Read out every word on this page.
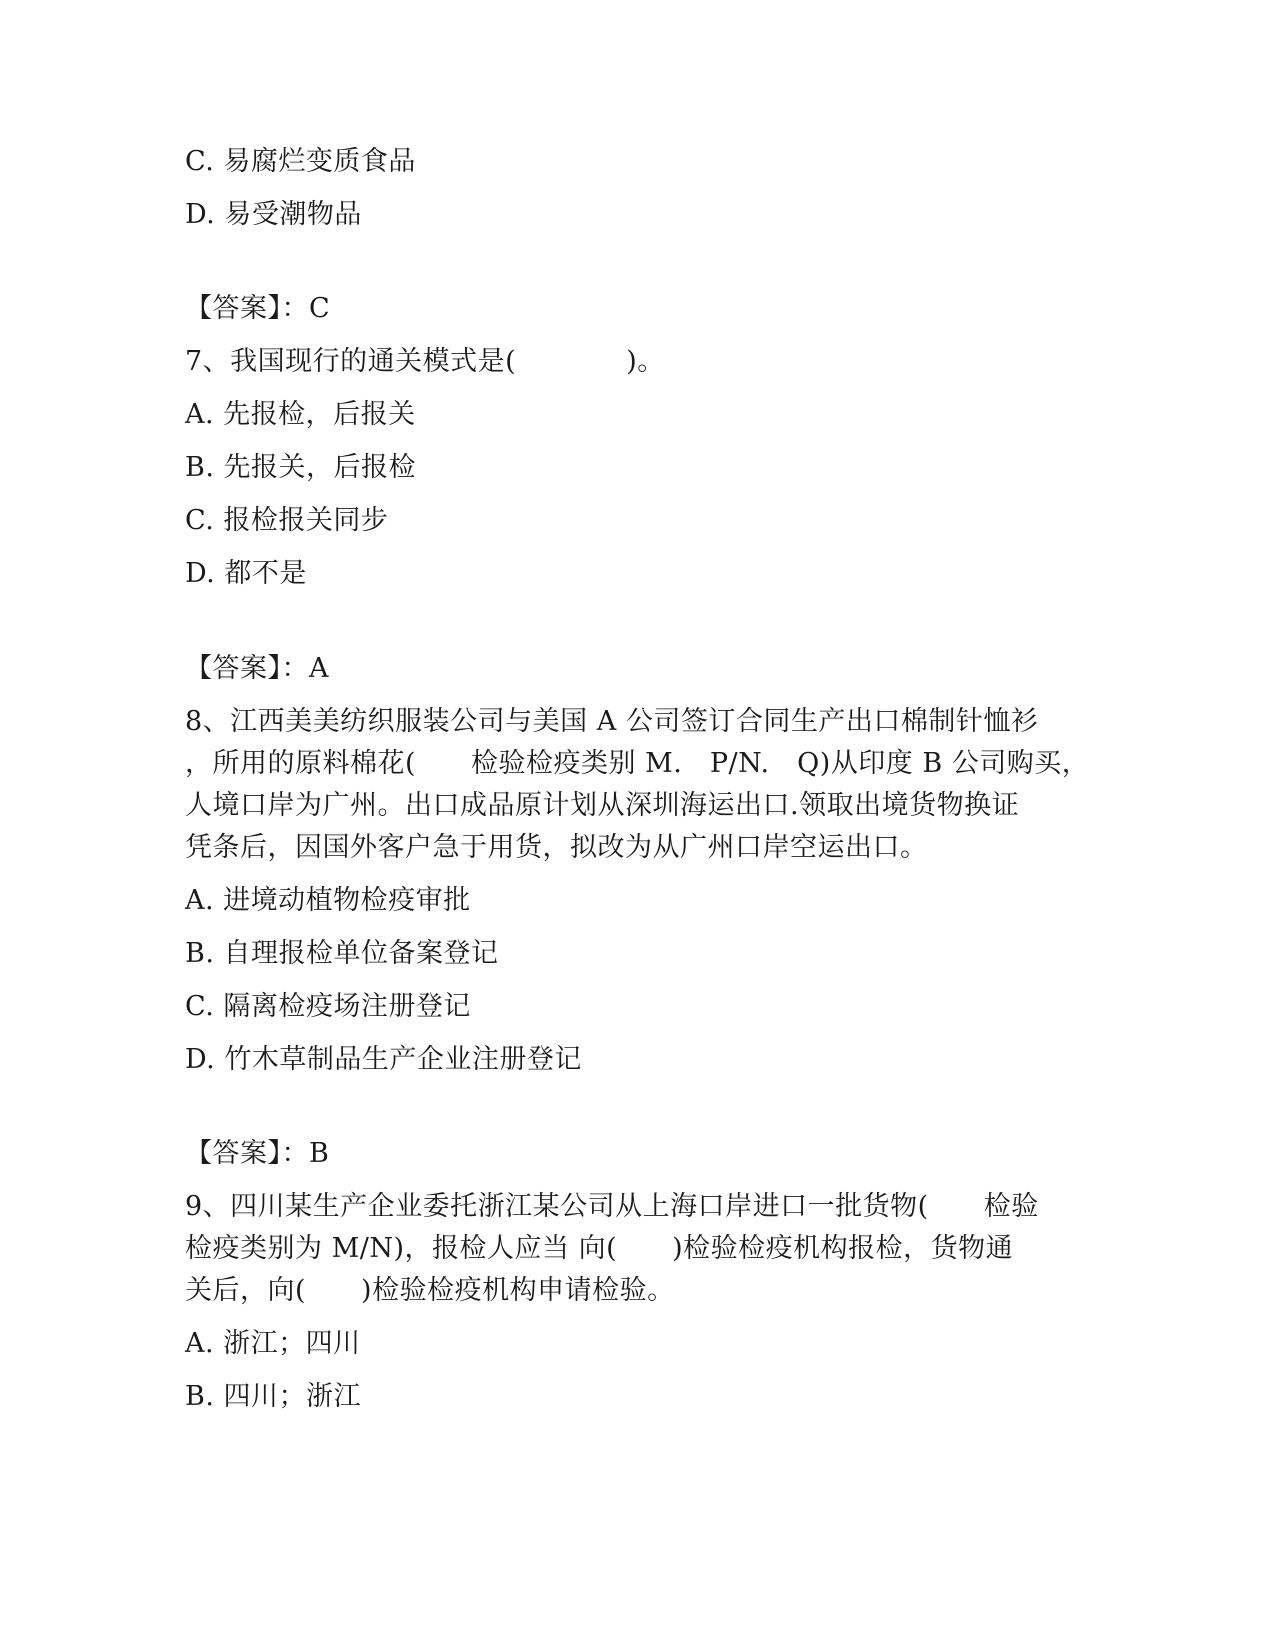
C. 易腐烂变质食品
D. 易受潮物品
【答案】：C
7、我国现行的通关模式是(　　　　)。
A. 先报检，后报关
B. 先报关，后报检
C. 报检报关同步
D. 都不是
【答案】：A
8、江西美美纺织服装公司与美国 A 公司签订合同生产出口棉制针恤衫
，所用的原料棉花(　　检验检疫类别 M.　P/N.　Q)从印度 B 公司购买，
人境口岸为广州。出口成品原计划从深圳海运出口.领取出境货物换证
凭条后，因国外客户急于用货，拟改为从广州口岸空运出口。
A. 进境动植物检疫审批
B. 自理报检单位备案登记
C. 隔离检疫场注册登记
D. 竹木草制品生产企业注册登记
【答案】：B
9、四川某生产企业委托浙江某公司从上海口岸进口一批货物(　　检验
检疫类别为 M/N)，报检人应当 向(　　)检验检疫机构报检，货物通
关后，向(　　)检验检疫机构申请检验。
A. 浙江；四川
B. 四川；浙江
